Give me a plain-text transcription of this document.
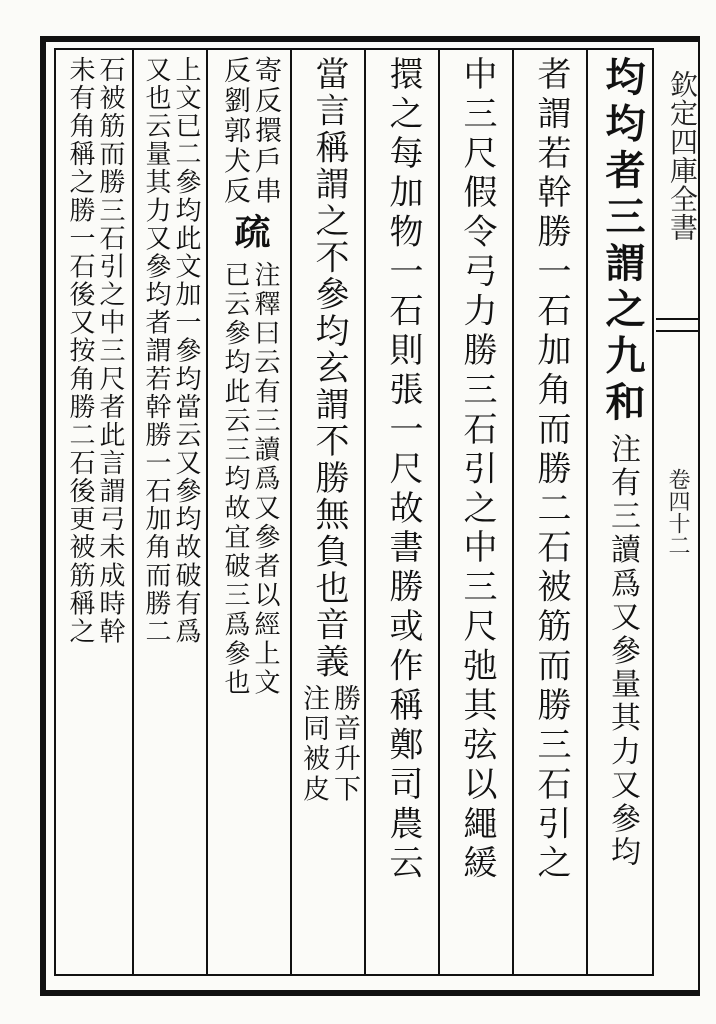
欽定四庫全書
卷四十二
均均者三謂之九和
注有三讀爲又參量其力又參均
者謂若幹勝一石加角而勝二石被筋而勝三石引之
中三尺假令弓力勝三石引之中三尺弛其弦以繩緩
擐之每加物一石則張一尺故書勝或作稱鄭司農云
當言稱謂之不參均玄謂不勝無負也音義
勝音升下
注同被皮
寄反擐戶串
反劉郭犬反
疏
注釋曰云有三讀爲又參者以經上文
已云參均此云三均故宜破三爲參也
上文已二參均此文加一參均當云又參均故破有爲
又也云量其力又參均者謂若幹勝一石加角而勝二
石被筋而勝三石引之中三尺者此言謂弓未成時幹
未有角稱之勝一石後又按角勝二石後更被筋稱之
